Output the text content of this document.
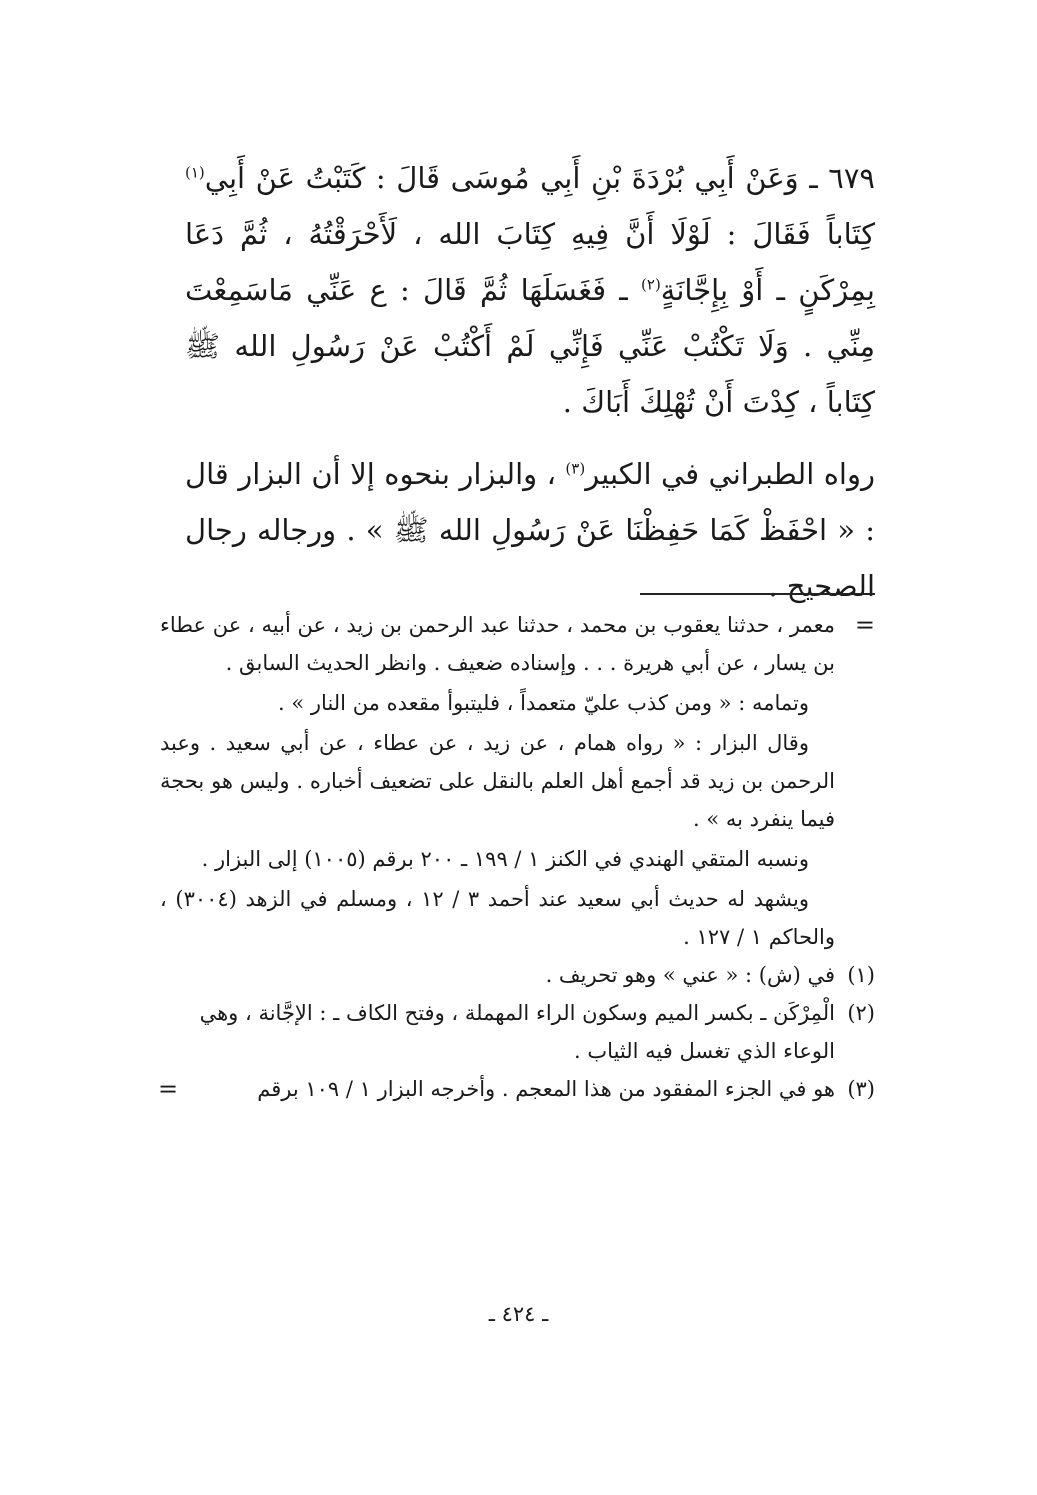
٦٧٩ ـ وَعَنْ أَبِي بُرْدَةَ بْنِ أَبِي مُوسَى قَالَ : كَتَبْتُ عَنْ أَبِي$^{(١)}$ كِتَاباً فَقَالَ : لَوْلَا أَنَّ فِيهِ كِتَابَ الله ، لَأَحْرَقْتُهُ ، ثُمَّ دَعَا بِمِرْكَنٍ ـ أَوْ بِإِجَّانَةٍ$^{(٢)}$ ـ فَغَسَلَهَا ثُمَّ قَالَ : ع عَنِّي مَاسَمِعْتَ مِنِّي . وَلَا تَكْتُبْ عَنِّي فَإِنِّي لَمْ أَكْتُبْ عَنْ رَسُولِ الله ﷺ كِتَاباً ، كِدْتَ أَنْ تُهْلِكَ أَبَاكَ .

رواه الطبراني في الكبير$^{(٣)}$ ، والبزار بنحوه إلا أن البزار قال : « احْفَظْ كَمَا حَفِظْنَا عَنْ رَسُولِ الله ﷺ » . ورجاله رجال الصحيح .

=

معمر ، حدثنا يعقوب بن محمد ، حدثنا عبد الرحمن بن زيد ، عن أبيه ، عن عطاء بن يسار ، عن أبي هريرة . . . وإسناده ضعيف . وانظر الحديث السابق .

وتمامه : « ومن كذب عليّ متعمداً ، فليتبوأ مقعده من النار » .

وقال البزار : « رواه همام ، عن زيد ، عن عطاء ، عن أبي سعيد . وعبد الرحمن بن زيد قد أجمع أهل العلم بالنقل على تضعيف أخباره . وليس هو بحجة فيما ينفرد به » .

ونسبه المتقي الهندي في الكنز ١ / ١٩٩ ـ ٢٠٠ برقم (١٠٠٥) إلى البزار .

ويشهد له حديث أبي سعيد عند أحمد ٣ / ١٢ ، ومسلم في الزهد (٣٠٠٤) ، والحاكم ١ / ١٢٧ .

(١)
في (ش) : « عني » وهو تحريف .

(٢)
الْمِرْكَن ـ بكسر الميم وسكون الراء المهملة ، وفتح الكاف ـ : الإجَّانة ، وهي الوعاء الذي تغسل فيه الثياب .

(٣)
هو في الجزء المفقود من هذا المعجم . وأخرجه البزار ١ / ١٠٩ برقم
=

ـ ٤٢٤ ـ
